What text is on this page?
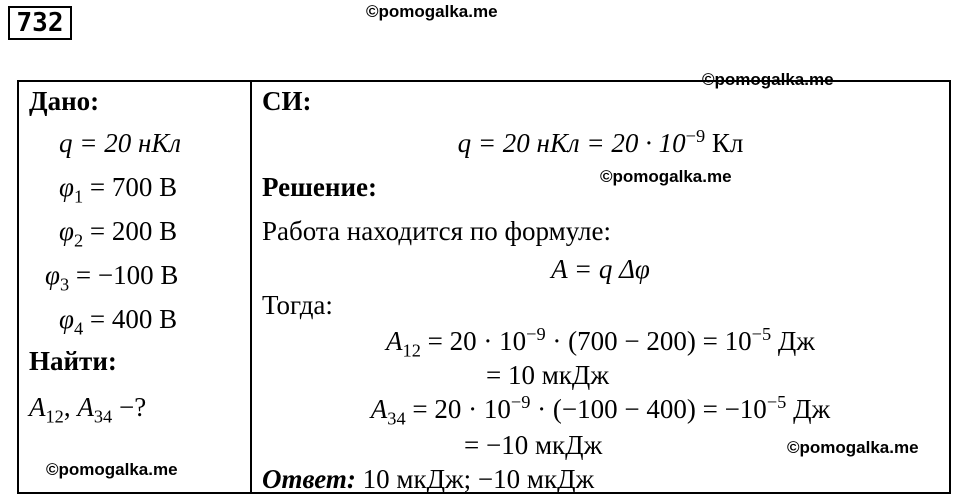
732	©pomogalka.me
©pomogalka.me
©pomogalka.me
©pomogalka.me
©pomogalka.me
Дано:
q = 20 нКл
$\varphi_1 = 700$ В
$\varphi_2 = 200$ В
$\varphi_3 = -100$ В
$\varphi_4 = 400$ В
Найти:
$A_{12}$, $A_{34}$ −?
СИ:
q = 20 нКл = $20 \cdot 10^{-9}$ Кл
Решение:
Работа находится по формуле:
A = q Δφ
Тогда:
$A_{12} = 20 \cdot 10^{-9} \cdot (700 - 200) = 10^{-5}$ Дж
= 10 мкДж
$A_{34} = 20 \cdot 10^{-9} \cdot (-100 - 400) = -10^{-5}$ Дж
= −10 мкДж
Ответ: 10 мкДж; −10 мкДж
